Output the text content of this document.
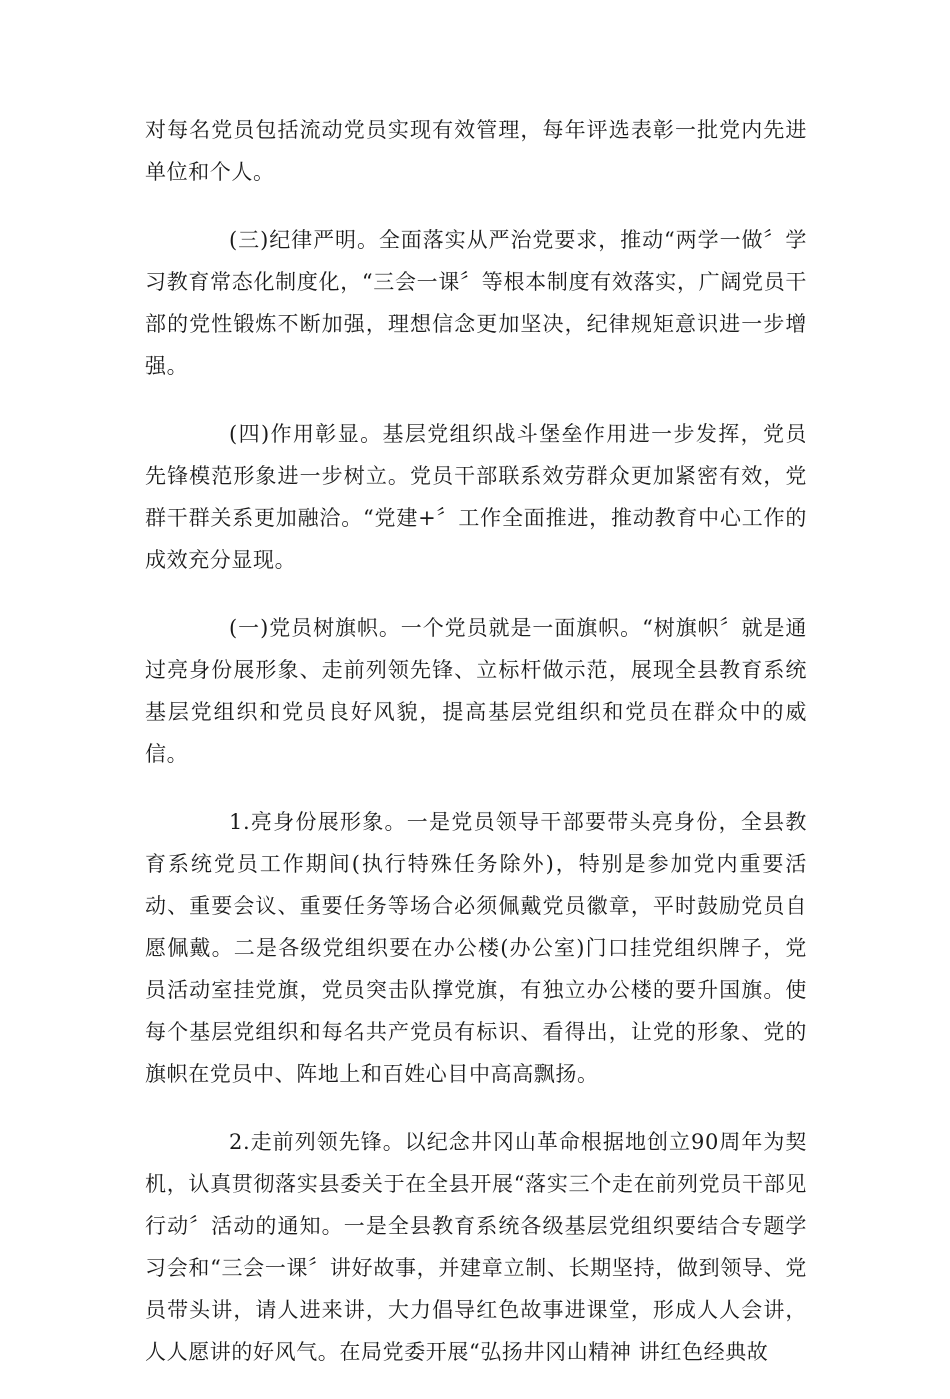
对每名党员包括流动党员实现有效管理，每年评选表彰一批党内先进单位和个人。

(三)纪律严明。全面落实从严治党要求，推动“两学一做〞学习教育常态化制度化，“三会一课〞等根本制度有效落实，广阔党员干部的党性锻炼不断加强，理想信念更加坚决，纪律规矩意识进一步增强。

(四)作用彰显。基层党组织战斗堡垒作用进一步发挥，党员先锋模范形象进一步树立。党员干部联系效劳群众更加紧密有效，党群干群关系更加融洽。“党建+〞工作全面推进，推动教育中心工作的成效充分显现。

(一)党员树旗帜。一个党员就是一面旗帜。“树旗帜〞就是通过亮身份展形象、走前列领先锋、立标杆做示范，展现全县教育系统基层党组织和党员良好风貌，提高基层党组织和党员在群众中的威信。

1.亮身份展形象。一是党员领导干部要带头亮身份，全县教育系统党员工作期间(执行特殊任务除外)，特别是参加党内重要活动、重要会议、重要任务等场合必须佩戴党员徽章，平时鼓励党员自愿佩戴。二是各级党组织要在办公楼(办公室)门口挂党组织牌子，党员活动室挂党旗，党员突击队撑党旗，有独立办公楼的要升国旗。使每个基层党组织和每名共产党员有标识、看得出，让党的形象、党的旗帜在党员中、阵地上和百姓心目中高高飘扬。

2.走前列领先锋。以纪念井冈山革命根据地创立90周年为契机，认真贯彻落实县委关于在全县开展“落实三个走在前列党员干部见行动〞活动的通知。一是全县教育系统各级基层党组织要结合专题学习会和“三会一课〞讲好故事，并建章立制、长期坚持，做到领导、党员带头讲，请人进来讲，大力倡导红色故事进课堂，形成人人会讲，人人愿讲的好风气。在局党委开展“弘扬井冈山精神 讲红色经典故
